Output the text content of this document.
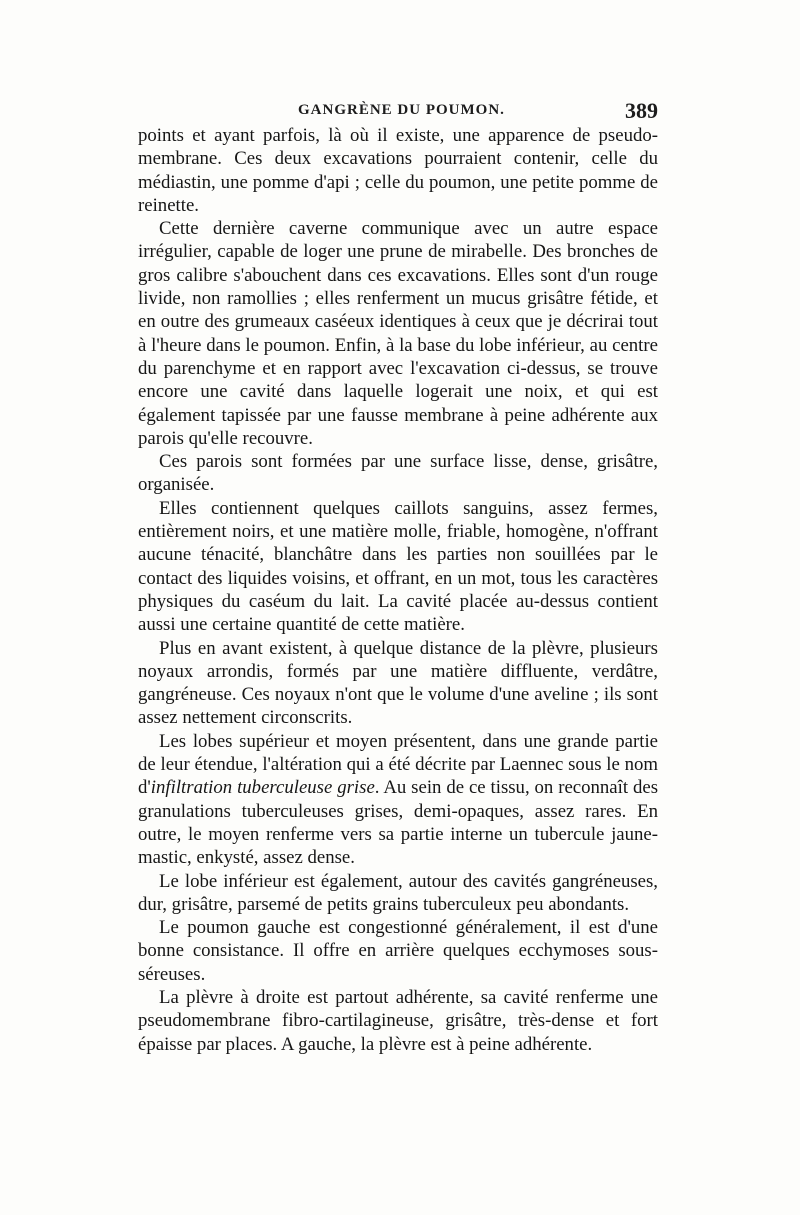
GANGRÈNE DU POUMON.	389

points et ayant parfois, là où il existe, une apparence de pseudo-membrane. Ces deux excavations pourraient contenir, celle du médiastin, une pomme d'api ; celle du poumon, une petite pomme de reinette.

Cette dernière caverne communique avec un autre espace irrégulier, capable de loger une prune de mirabelle. Des bronches de gros calibre s'abouchent dans ces excavations. Elles sont d'un rouge livide, non ramollies ; elles renferment un mucus grisâtre fétide, et en outre des grumeaux caséeux identiques à ceux que je décrirai tout à l'heure dans le poumon. Enfin, à la base du lobe inférieur, au centre du parenchyme et en rapport avec l'excavation ci-dessus, se trouve encore une cavité dans laquelle logerait une noix, et qui est également tapissée par une fausse membrane à peine adhérente aux parois qu'elle recouvre.

Ces parois sont formées par une surface lisse, dense, grisâtre, organisée.

Elles contiennent quelques caillots sanguins, assez fermes, entièrement noirs, et une matière molle, friable, homogène, n'offrant aucune ténacité, blanchâtre dans les parties non souillées par le contact des liquides voisins, et offrant, en un mot, tous les caractères physiques du caséum du lait. La cavité placée au-dessus contient aussi une certaine quantité de cette matière.

Plus en avant existent, à quelque distance de la plèvre, plusieurs noyaux arrondis, formés par une matière diffluente, verdâtre, gangréneuse. Ces noyaux n'ont que le volume d'une aveline ; ils sont assez nettement circonscrits.

Les lobes supérieur et moyen présentent, dans une grande partie de leur étendue, l'altération qui a été décrite par Laennec sous le nom d'infiltration tuberculeuse grise. Au sein de ce tissu, on reconnaît des granulations tuberculeuses grises, demi-opaques, assez rares. En outre, le moyen renferme vers sa partie interne un tubercule jaune-mastic, enkysté, assez dense.

Le lobe inférieur est également, autour des cavités gangréneuses, dur, grisâtre, parsemé de petits grains tuberculeux peu abondants.

Le poumon gauche est congestionné généralement, il est d'une bonne consistance. Il offre en arrière quelques ecchymoses sous-séreuses.

La plèvre à droite est partout adhérente, sa cavité renferme une pseudomembrane fibro-cartilagineuse, grisâtre, très-dense et fort épaisse par places. A gauche, la plèvre est à peine adhérente.
